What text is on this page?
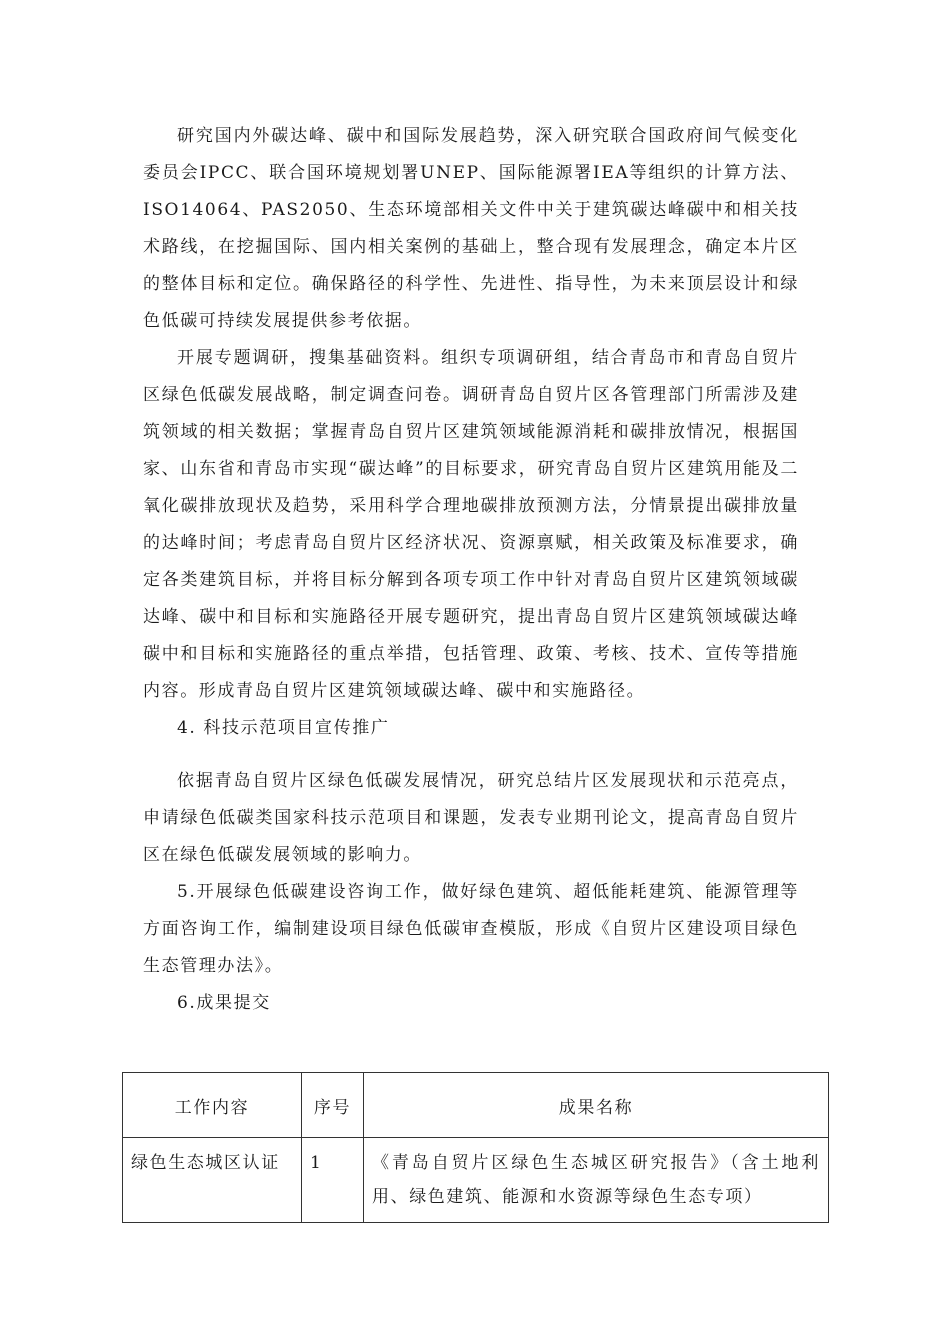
研究国内外碳达峰、碳中和国际发展趋势，深入研究联合国政府间气候变化委员会IPCC、联合国环境规划署UNEP、国际能源署IEA等组织的计算方法、ISO14064、PAS2050、生态环境部相关文件中关于建筑碳达峰碳中和相关技术路线，在挖掘国际、国内相关案例的基础上，整合现有发展理念，确定本片区的整体目标和定位。确保路径的科学性、先进性、指导性，为未来顶层设计和绿色低碳可持续发展提供参考依据。

开展专题调研，搜集基础资料。组织专项调研组，结合青岛市和青岛自贸片区绿色低碳发展战略，制定调查问卷。调研青岛自贸片区各管理部门所需涉及建筑领域的相关数据；掌握青岛自贸片区建筑领域能源消耗和碳排放情况，根据国家、山东省和青岛市实现“碳达峰”的目标要求，研究青岛自贸片区建筑用能及二氧化碳排放现状及趋势，采用科学合理地碳排放预测方法，分情景提出碳排放量的达峰时间；考虑青岛自贸片区经济状况、资源禀赋，相关政策及标准要求，确定各类建筑目标，并将目标分解到各项专项工作中针对青岛自贸片区建筑领域碳达峰、碳中和目标和实施路径开展专题研究，提出青岛自贸片区建筑领域碳达峰碳中和目标和实施路径的重点举措，包括管理、政策、考核、技术、宣传等措施内容。形成青岛自贸片区建筑领域碳达峰、碳中和实施路径。

4. 科技示范项目宣传推广

依据青岛自贸片区绿色低碳发展情况，研究总结片区发展现状和示范亮点，申请绿色低碳类国家科技示范项目和课题，发表专业期刊论文，提高青岛自贸片区在绿色低碳发展领域的影响力。

5.开展绿色低碳建设咨询工作，做好绿色建筑、超低能耗建筑、能源管理等方面咨询工作，编制建设项目绿色低碳审查模版，形成《自贸片区建设项目绿色生态管理办法》。

6.成果提交

工作内容	序号	成果名称
绿色生态城区认证	1	《青岛自贸片区绿色生态城区研究报告》（含土地利用、绿色建筑、能源和水资源等绿色生态专项）
